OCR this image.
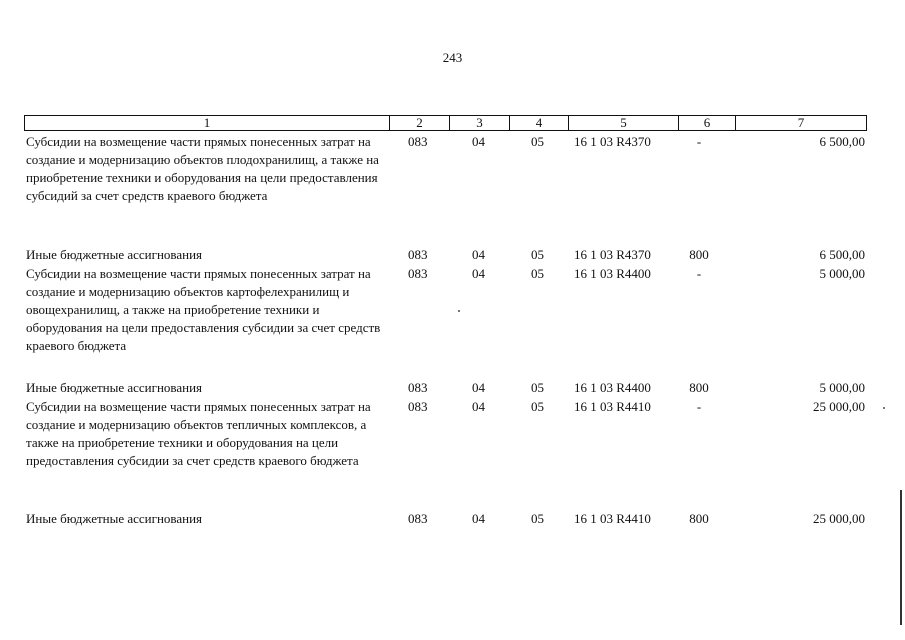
243
1	2	3	4	5	6	7
Субсидии на возмещение части прямых понесенных затрат на создание и модернизацию объектов плодохранилищ, а также на приобретение техники и оборудования на цели предоставления субсидий за счет средств краевого бюджета
083	04	05	16 1 03 R4370	-	6 500,00
Иные бюджетные ассигнования	083	04	05	16 1 03 R4370	800	6 500,00
Субсидии на возмещение части прямых понесенных затрат на создание и модернизацию объектов картофелехранилищ и овощехранилищ, а также на приобретение техники и оборудования на цели предоставления субсидии за счет средств краевого бюджета
083	04	05	16 1 03 R4400	-	5 000,00
Иные бюджетные ассигнования	083	04	05	16 1 03 R4400	800	5 000,00
Субсидии на возмещение части прямых понесенных затрат на создание и модернизацию объектов тепличных комплексов, а также на приобретение техники и оборудования на цели предоставления субсидии за счет средств краевого бюджета
083	04	05	16 1 03 R4410	-	25 000,00
Иные бюджетные ассигнования	083	04	05	16 1 03 R4410	800	25 000,00
